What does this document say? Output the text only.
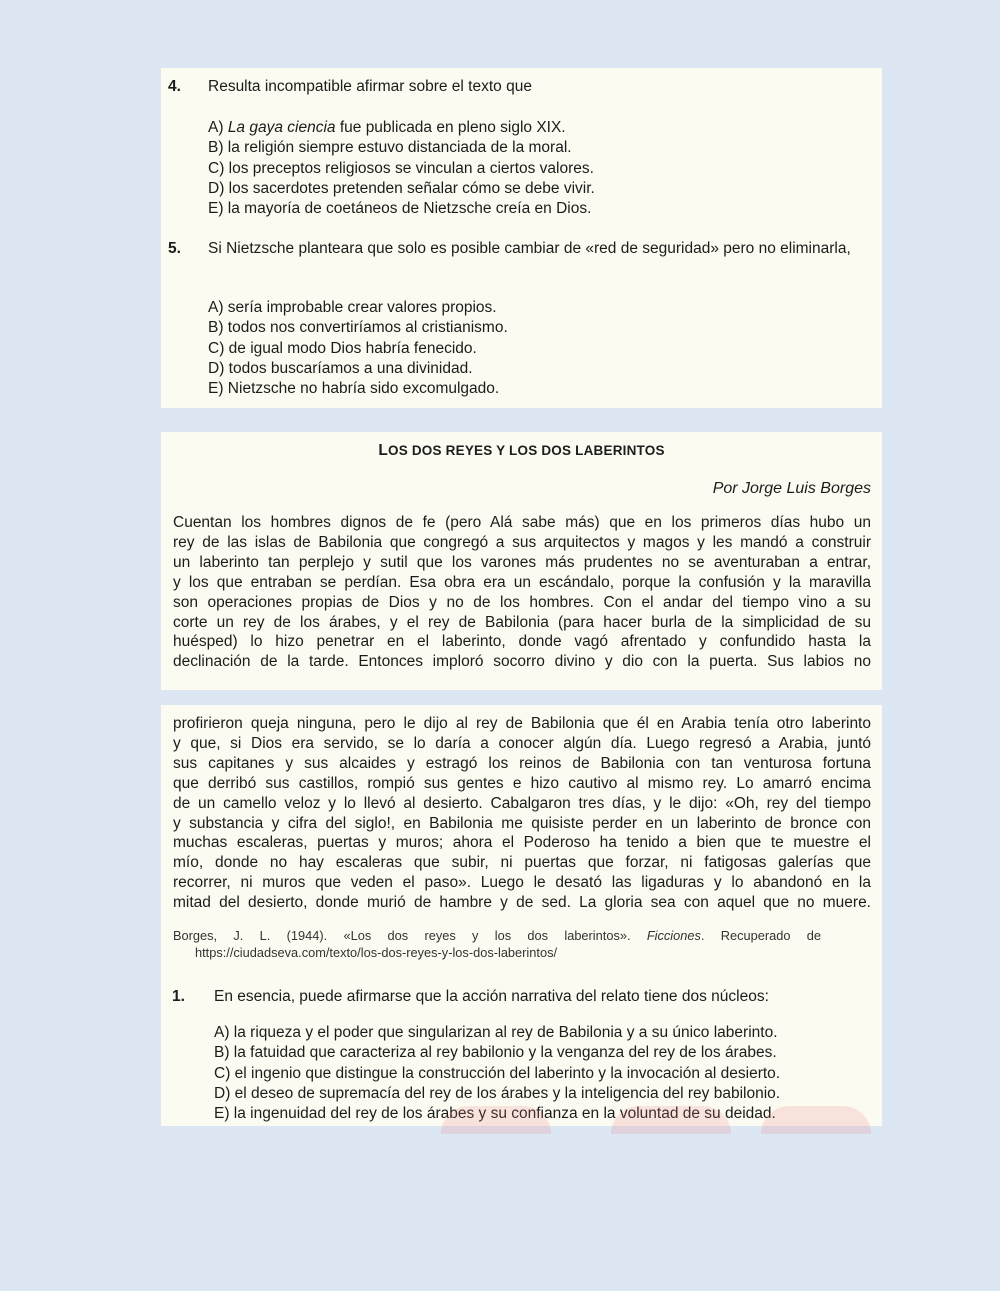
4. Resulta incompatible afirmar sobre el texto que
A) La gaya ciencia fue publicada en pleno siglo XIX.
B) la religión siempre estuvo distanciada de la moral.
C) los preceptos religiosos se vinculan a ciertos valores.
D) los sacerdotes pretenden señalar cómo se debe vivir.
E) la mayoría de coetáneos de Nietzsche creía en Dios.
5. Si Nietzsche planteara que solo es posible cambiar de «red de seguridad» pero no eliminarla,
A) sería improbable crear valores propios.
B) todos nos convertiríamos al cristianismo.
C) de igual modo Dios habría fenecido.
D) todos buscaríamos a una divinidad.
E) Nietzsche no habría sido excomulgado.
LOS DOS REYES Y LOS DOS LABERINTOS
Por Jorge Luis Borges
Cuentan los hombres dignos de fe (pero Alá sabe más) que en los primeros días hubo un
rey de las islas de Babilonia que congregó a sus arquitectos y magos y les mandó a construir
un laberinto tan perplejo y sutil que los varones más prudentes no se aventuraban a entrar,
y los que entraban se perdían. Esa obra era un escándalo, porque la confusión y la maravilla
son operaciones propias de Dios y no de los hombres. Con el andar del tiempo vino a su
corte un rey de los árabes, y el rey de Babilonia (para hacer burla de la simplicidad de su
huésped) lo hizo penetrar en el laberinto, donde vagó afrentado y confundido hasta la
declinación de la tarde. Entonces imploró socorro divino y dio con la puerta. Sus labios no
profirieron queja ninguna, pero le dijo al rey de Babilonia que él en Arabia tenía otro laberinto
y que, si Dios era servido, se lo daría a conocer algún día. Luego regresó a Arabia, juntó
sus capitanes y sus alcaides y estragó los reinos de Babilonia con tan venturosa fortuna
que derribó sus castillos, rompió sus gentes e hizo cautivo al mismo rey. Lo amarró encima
de un camello veloz y lo llevó al desierto. Cabalgaron tres días, y le dijo: «Oh, rey del tiempo
y substancia y cifra del siglo!, en Babilonia me quisiste perder en un laberinto de bronce con
muchas escaleras, puertas y muros; ahora el Poderoso ha tenido a bien que te muestre el
mío, donde no hay escaleras que subir, ni puertas que forzar, ni fatigosas galerías que
recorrer, ni muros que veden el paso». Luego le desató las ligaduras y lo abandonó en la
mitad del desierto, donde murió de hambre y de sed. La gloria sea con aquel que no muere.
Borges, J. L. (1944). «Los dos reyes y los dos laberintos». Ficciones. Recuperado de
https://ciudadseva.com/texto/los-dos-reyes-y-los-dos-laberintos/
1. En esencia, puede afirmarse que la acción narrativa del relato tiene dos núcleos:
A) la riqueza y el poder que singularizan al rey de Babilonia y a su único laberinto.
B) la fatuidad que caracteriza al rey babilonio y la venganza del rey de los árabes.
C) el ingenio que distingue la construcción del laberinto y la invocación al desierto.
D) el deseo de supremacía del rey de los árabes y la inteligencia del rey babilonio.
E) la ingenuidad del rey de los árabes y su confianza en la voluntad de su deidad.
